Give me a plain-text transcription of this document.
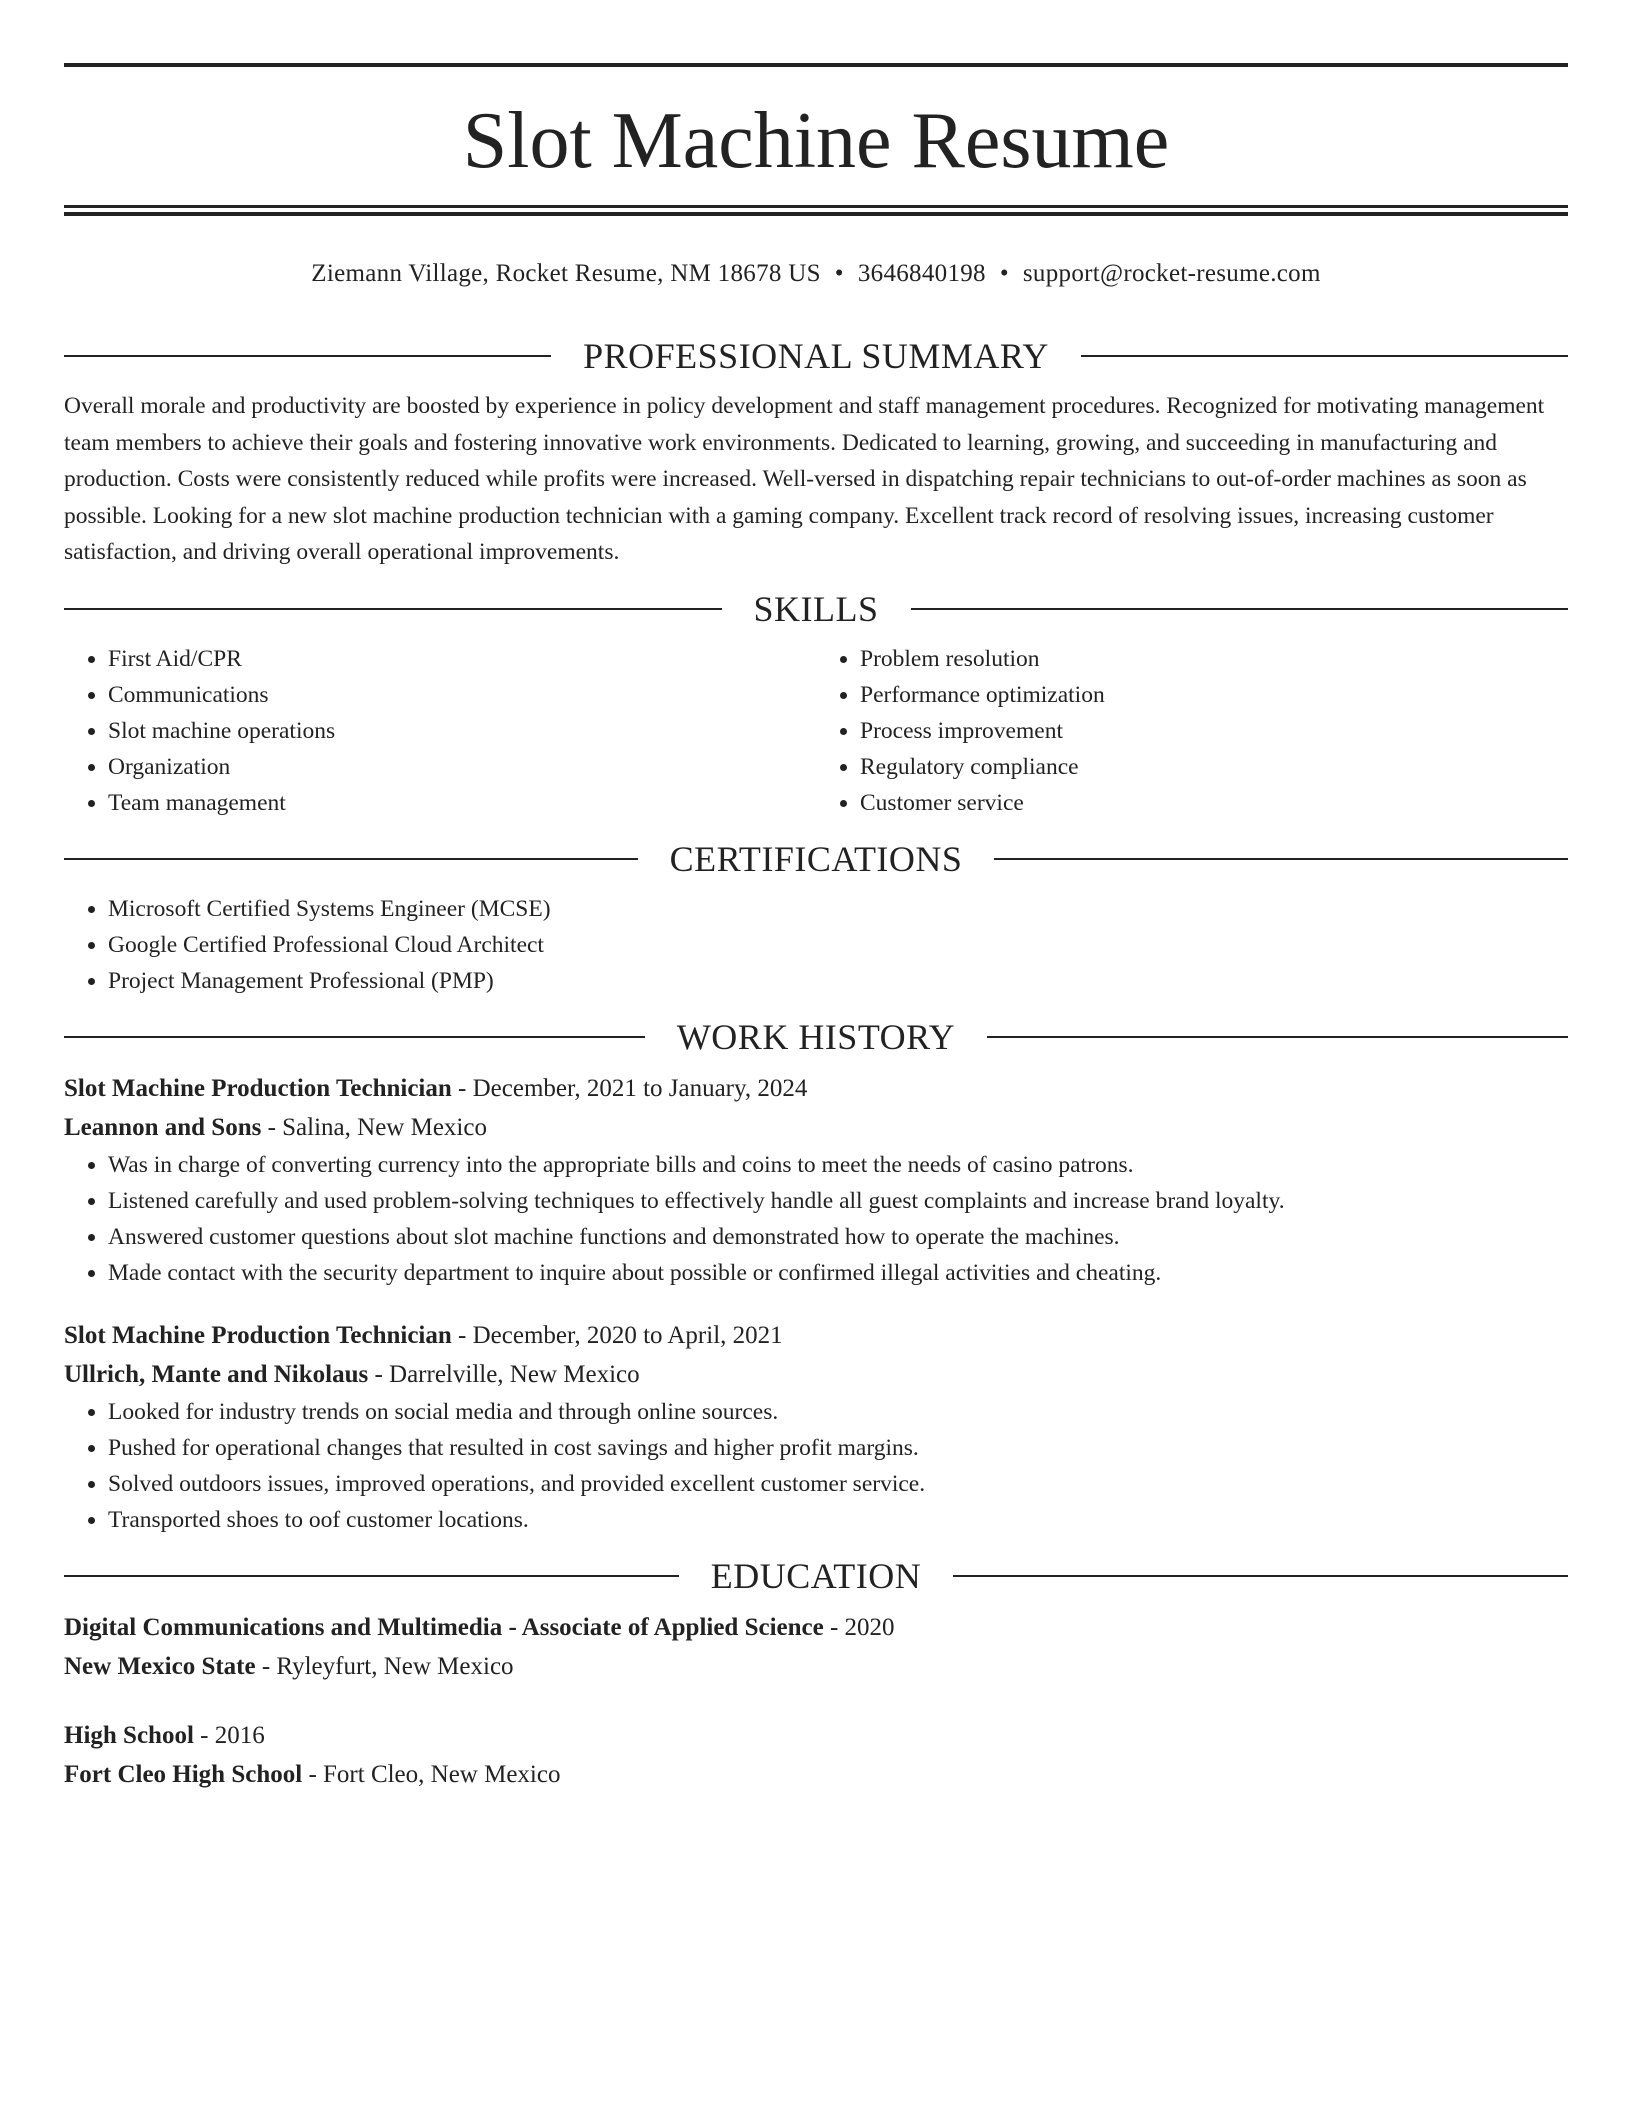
Slot Machine Resume
Ziemann Village, Rocket Resume, NM 18678 US • 3646840198 • support@rocket-resume.com
PROFESSIONAL SUMMARY

Overall morale and productivity are boosted by experience in policy development and staff management procedures. Recognized for motivating management team members to achieve their goals and fostering innovative work environments. Dedicated to learning, growing, and succeeding in manufacturing and production. Costs were consistently reduced while profits were increased. Well-versed in dispatching repair technicians to out-of-order machines as soon as possible. Looking for a new slot machine production technician with a gaming company. Excellent track record of resolving issues, increasing customer satisfaction, and driving overall operational improvements.

SKILLS
• First Aid/CPR
• Communications
• Slot machine operations
• Organization
• Team management
• Problem resolution
• Performance optimization
• Process improvement
• Regulatory compliance
• Customer service
CERTIFICATIONS
• Microsoft Certified Systems Engineer (MCSE)
• Google Certified Professional Cloud Architect
• Project Management Professional (PMP)
WORK HISTORY
Slot Machine Production Technician - December, 2021 to January, 2024
Leannon and Sons - Salina, New Mexico
• Was in charge of converting currency into the appropriate bills and coins to meet the needs of casino patrons.
• Listened carefully and used problem-solving techniques to effectively handle all guest complaints and increase brand loyalty.
• Answered customer questions about slot machine functions and demonstrated how to operate the machines.
• Made contact with the security department to inquire about possible or confirmed illegal activities and cheating.
Slot Machine Production Technician - December, 2020 to April, 2021
Ullrich, Mante and Nikolaus - Darrelville, New Mexico
• Looked for industry trends on social media and through online sources.
• Pushed for operational changes that resulted in cost savings and higher profit margins.
• Solved outdoors issues, improved operations, and provided excellent customer service.
• Transported shoes to oof customer locations.
EDUCATION
Digital Communications and Multimedia - Associate of Applied Science - 2020
New Mexico State - Ryleyfurt, New Mexico
High School - 2016
Fort Cleo High School - Fort Cleo, New Mexico
